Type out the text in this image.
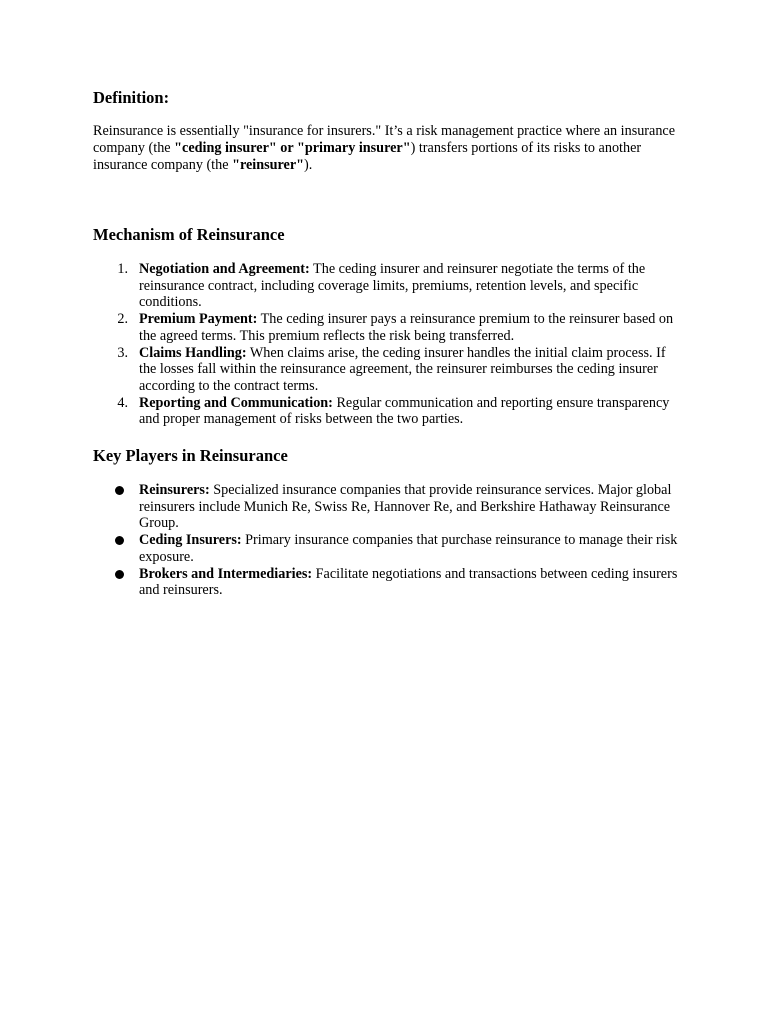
Definition:

Reinsurance is essentially "insurance for insurers." It’s a risk management practice where an insurance company (the "ceding insurer" or "primary insurer") transfers portions of its risks to another insurance company (the "reinsurer").

Mechanism of Reinsurance
1. Negotiation and Agreement: The ceding insurer and reinsurer negotiate the terms of the reinsurance contract, including coverage limits, premiums, retention levels, and specific conditions.
2. Premium Payment: The ceding insurer pays a reinsurance premium to the reinsurer based on the agreed terms. This premium reflects the risk being transferred.
3. Claims Handling: When claims arise, the ceding insurer handles the initial claim process. If the losses fall within the reinsurance agreement, the reinsurer reimburses the ceding insurer according to the contract terms.
4. Reporting and Communication: Regular communication and reporting ensure transparency and proper management of risks between the two parties.
Key Players in Reinsurance
Reinsurers: Specialized insurance companies that provide reinsurance services. Major global reinsurers include Munich Re, Swiss Re, Hannover Re, and Berkshire Hathaway Reinsurance Group.
Ceding Insurers: Primary insurance companies that purchase reinsurance to manage their risk exposure.
Brokers and Intermediaries: Facilitate negotiations and transactions between ceding insurers and reinsurers.
